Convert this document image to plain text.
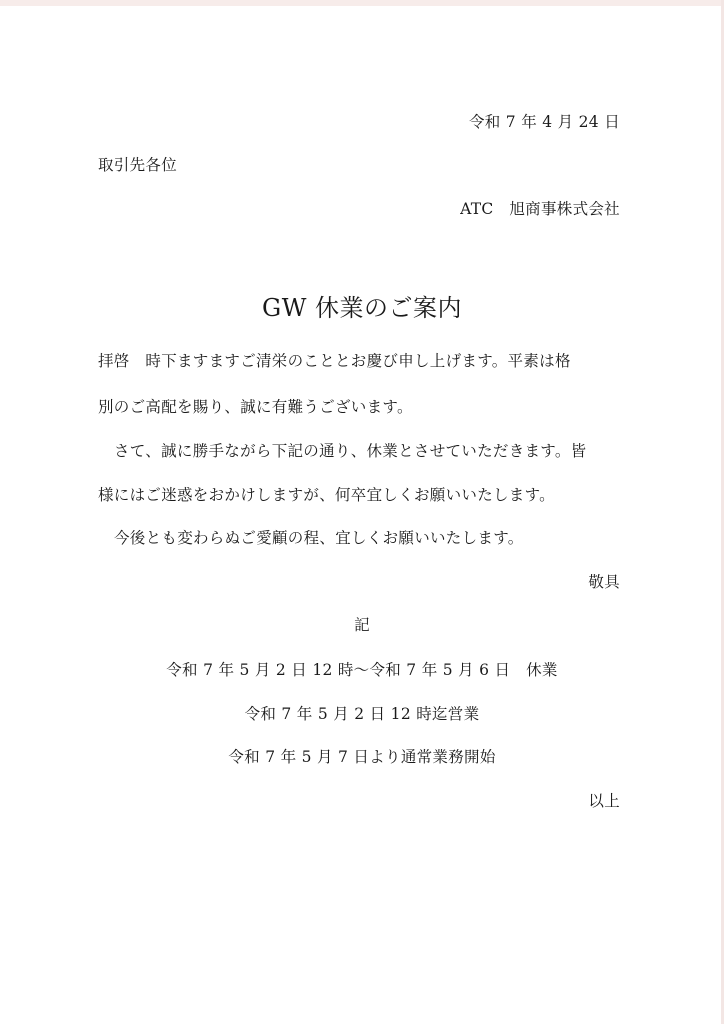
令和 7 年 4 月 24 日
取引先各位
ATC　旭商事株式会社
GW 休業のご案内
拝啓　時下ますますご清栄のこととお慶び申し上げます。平素は格
別のご高配を賜り、誠に有難うございます。
さて、誠に勝手ながら下記の通り、休業とさせていただきます。皆
様にはご迷惑をおかけしますが、何卒宜しくお願いいたします。
今後とも変わらぬご愛顧の程、宜しくお願いいたします。
敬具
記
令和 7 年 5 月 2 日 12 時～令和 7 年 5 月 6 日　休業
令和 7 年 5 月 2 日 12 時迄営業
令和 7 年 5 月 7 日より通常業務開始
以上
